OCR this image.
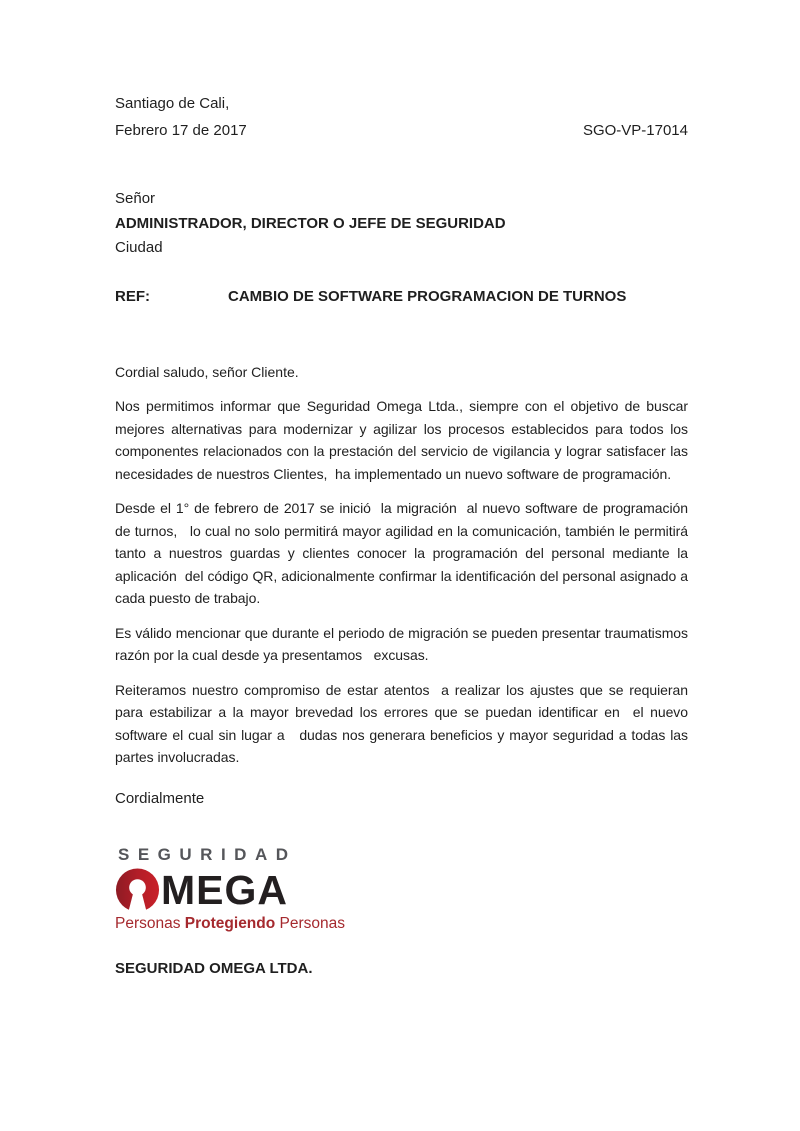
Santiago de Cali,
Febrero 17 de 2017	SGO-VP-17014
Señor
ADMINISTRADOR, DIRECTOR O JEFE DE SEGURIDAD
Ciudad
REF:	CAMBIO DE SOFTWARE PROGRAMACION DE TURNOS
Cordial saludo, señor Cliente.

Nos permitimos informar que Seguridad Omega Ltda., siempre con el objetivo de buscar mejores alternativas para modernizar y agilizar los procesos establecidos para todos los componentes relacionados con la prestación del servicio de vigilancia y lograr satisfacer las necesidades de nuestros Clientes,  ha implementado un nuevo software de programación.

Desde el 1° de febrero de 2017 se inició  la migración  al nuevo software de programación de turnos,   lo cual no solo permitirá mayor agilidad en la comunicación, también le permitirá tanto a nuestros guardas y clientes conocer la programación del personal mediante la aplicación  del código QR, adicionalmente confirmar la identificación del personal asignado a cada puesto de trabajo.

Es válido mencionar que durante el periodo de migración se pueden presentar traumatismos razón por la cual desde ya presentamos   excusas.

Reiteramos nuestro compromiso de estar atentos  a realizar los ajustes que se requieran para estabilizar a la mayor brevedad los errores que se puedan identificar en  el nuevo software el cual sin lugar a   dudas nos generara beneficios y mayor seguridad a todas las partes involucradas.

Cordialmente
SEGURIDAD
MEGA
Personas Protegiendo Personas
SEGURIDAD OMEGA LTDA.
